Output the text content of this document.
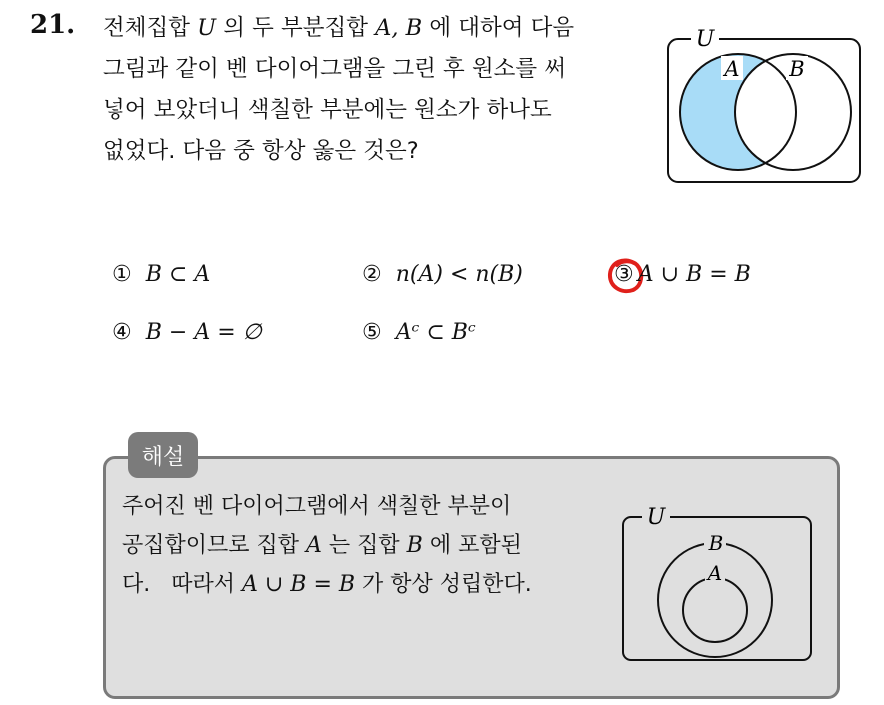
21. 전체집합 U 의 두 부분집합 A, B 에 대하여 다음
그림과 같이 벤 다이어그램을 그린 후 원소를 써
넣어 보았더니 색칠한 부분에는 원소가 하나도
없었다. 다음 중 항상 옳은 것은?
U
A B
① B ⊂ A	② n(A) < n(B)	③ A ∪ B = B
④ B − A = ∅	⑤ Aᶜ ⊂ Bᶜ
해설
주어진 벤 다이어그램에서 색칠한 부분이
공집합이므로 집합 A 는 집합 B 에 포함된
다.   따라서 A ∪ B = B 가 항상 성립한다.
U
B
A
